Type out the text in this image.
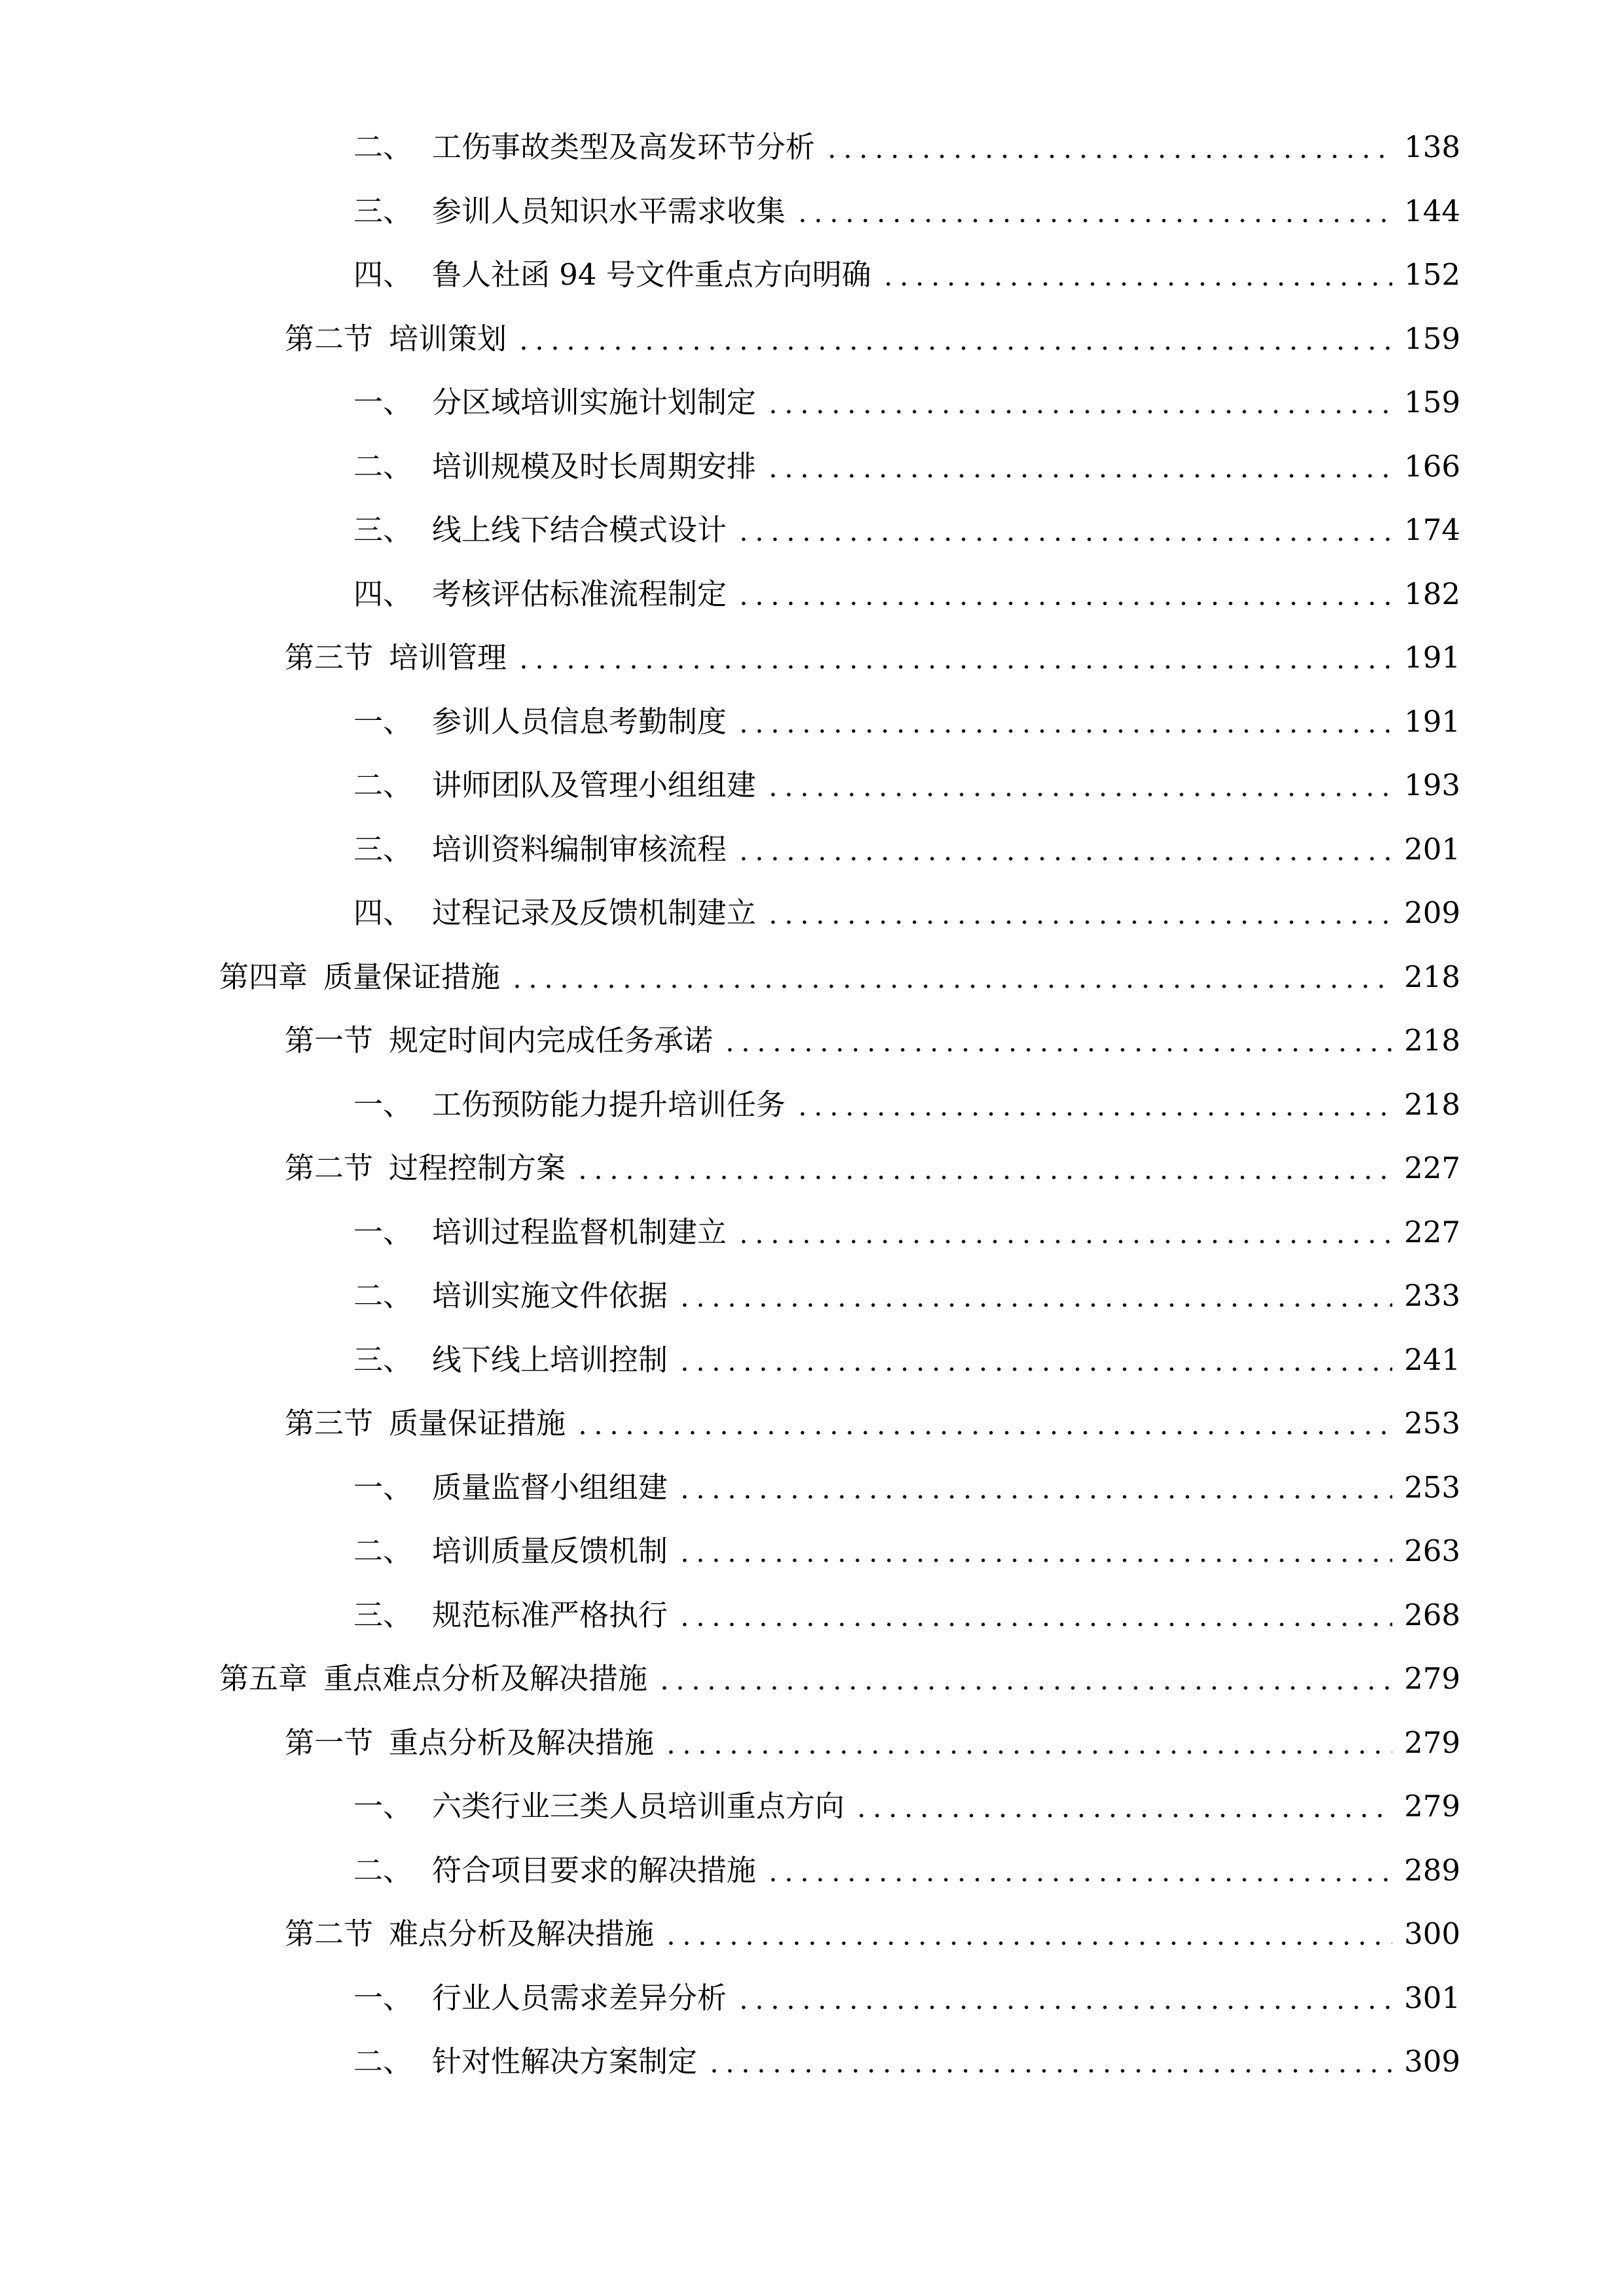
二、 工伤事故类型及高发环节分析	138
三、 参训人员知识水平需求收集	144
四、 鲁人社函 94 号文件重点方向明确	152
第二节 培训策划	159
一、 分区域培训实施计划制定	159
二、 培训规模及时长周期安排	166
三、 线上线下结合模式设计	174
四、 考核评估标准流程制定	182
第三节 培训管理	191
一、 参训人员信息考勤制度	191
二、 讲师团队及管理小组组建	193
三、 培训资料编制审核流程	201
四、 过程记录及反馈机制建立	209
第四章 质量保证措施	218
第一节 规定时间内完成任务承诺	218
一、 工伤预防能力提升培训任务	218
第二节 过程控制方案	227
一、 培训过程监督机制建立	227
二、 培训实施文件依据	233
三、 线下线上培训控制	241
第三节 质量保证措施	253
一、 质量监督小组组建	253
二、 培训质量反馈机制	263
三、 规范标准严格执行	268
第五章 重点难点分析及解决措施	279
第一节 重点分析及解决措施	279
一、 六类行业三类人员培训重点方向	279
二、 符合项目要求的解决措施	289
第二节 难点分析及解决措施	300
一、 行业人员需求差异分析	301
二、 针对性解决方案制定	309
